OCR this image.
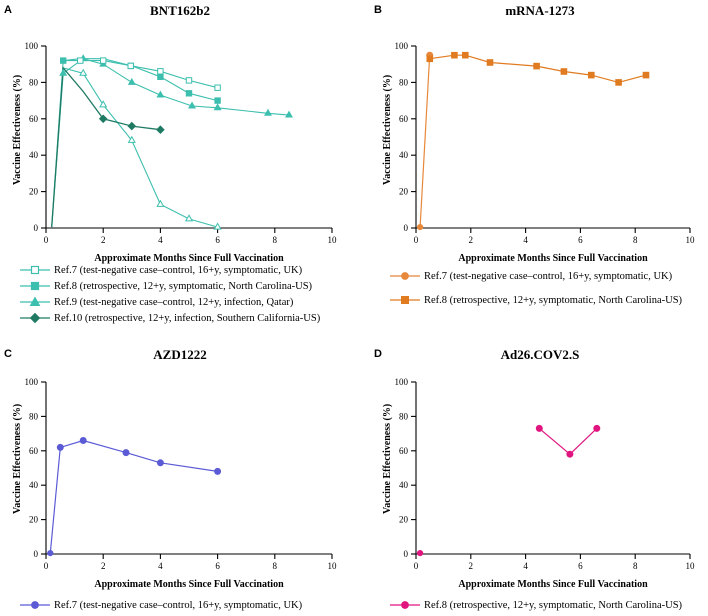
A	BNT162b2
0
20
40
60
80
100
0	2	4	6	8	10
Vaccine Effectiveness (%)
Approximate Months Since Full Vaccination
Ref.7 (test-negative case–control, 16+y, symptomatic, UK)
Ref.8 (retrospective, 12+y, symptomatic, North Carolina-US)
Ref.9 (test-negative case–control, 12+y, infection, Qatar)
Ref.10 (retrospective, 12+y, infection, Southern California-US)
B	mRNA-1273
0
20
40
60
80
100
0	2	4	6	8	10
Vaccine Effectiveness (%)
Approximate Months Since Full Vaccination
Ref.7 (test-negative case–control, 16+y, symptomatic, UK)
Ref.8 (retrospective, 12+y, symptomatic, North Carolina-US)
C	AZD1222
0
20
40
60
80
100
0	2	4	6	8	10
Vaccine Effectiveness (%)
Approximate Months Since Full Vaccination
Ref.7 (test-negative case–control, 16+y, symptomatic, UK)
D	Ad26.COV2.S
0
20
40
60
80
100
0	2	4	6	8	10
Vaccine Effectiveness (%)
Approximate Months Since Full Vaccination
Ref.8 (retrospective, 12+y, symptomatic, North Carolina-US)
